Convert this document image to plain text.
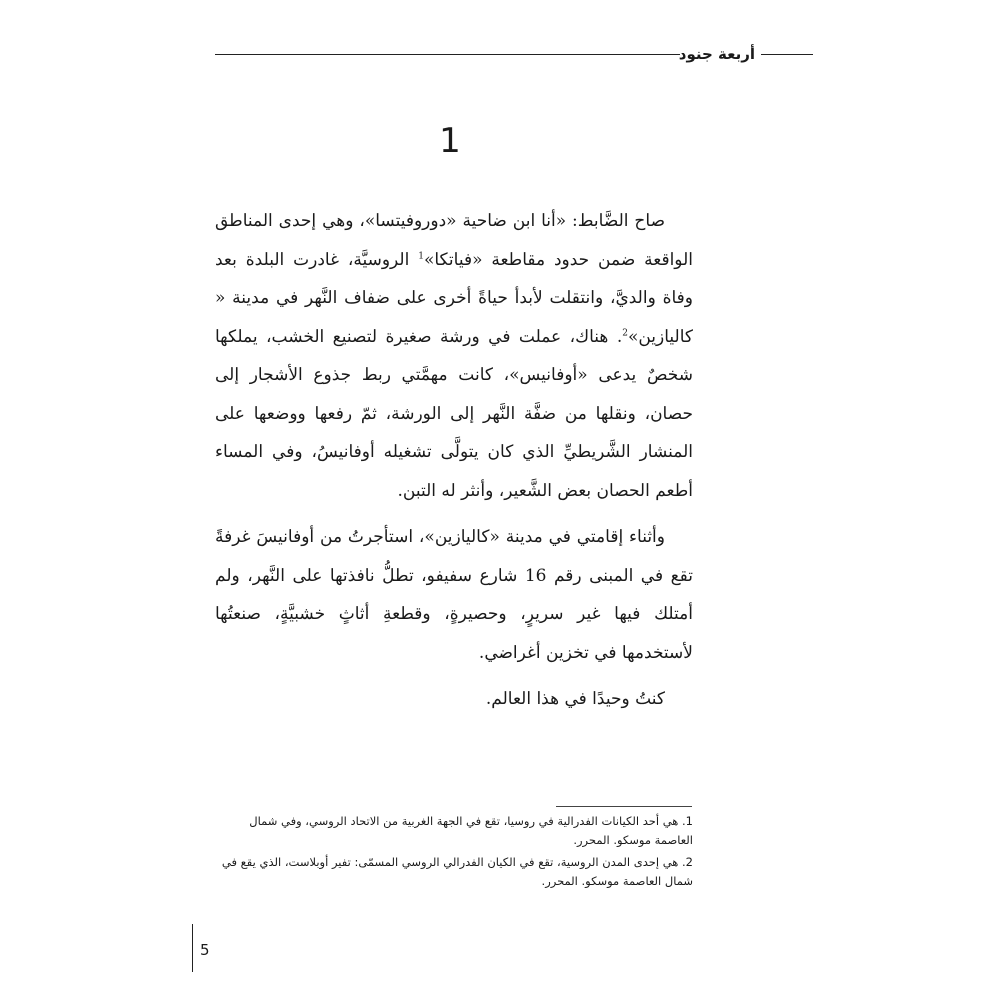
أربعة جنود
1

صاح الضَّابط: «أنا ابن ضاحية «دوروفيتسا»، وهي إحدى المناطق الواقعة ضمن حدود مقاطعة «فياتكا»$^1$ الروسيَّة، غادرت البلدة بعد وفاة والديَّ، وانتقلت لأبدأ حياةً أخرى على ضفاف النَّهر في مدينة « كاليازين»$^2$. هناك، عملت في ورشة صغيرة لتصنيع الخشب، يملكها شخصٌ يدعى «أوفانيس»، كانت مهمَّتي ربط جذوع الأشجار إلى حصان، ونقلها من ضفَّة النَّهر إلى الورشة، ثمّ رفعها ووضعها على المنشار الشَّريطيِّ الذي كان يتولَّى تشغيله أوفانيسُ، وفي المساء أطعم الحصان بعض الشَّعير، وأنثر له التبن.

وأثناء إقامتي في مدينة «كاليازين»، استأجرتُ من أوفانيسَ غرفةً تقع في المبنى رقم 16 شارع سفيفو، تطلُّ نافذتها على النَّهر، ولم أمتلك فيها غير سريرٍ، وحصيرةٍ، وقطعةِ أثاثٍ خشبيَّةٍ، صنعتُها لأستخدمها في تخزين أغراضي.

كنتُ وحيدًا في هذا العالم.

1. هي أحد الكيانات الفدرالية في روسيا، تقع في الجهة الغربية من الاتحاد الروسي، وفي شمال العاصمة موسكو. المحرر.

2. هي إحدى المدن الروسية، تقع في الكيان الفدرالي الروسي المسمّى: تفير أوبلاست، الذي يقع في شمال العاصمة موسكو. المحرر.

5
